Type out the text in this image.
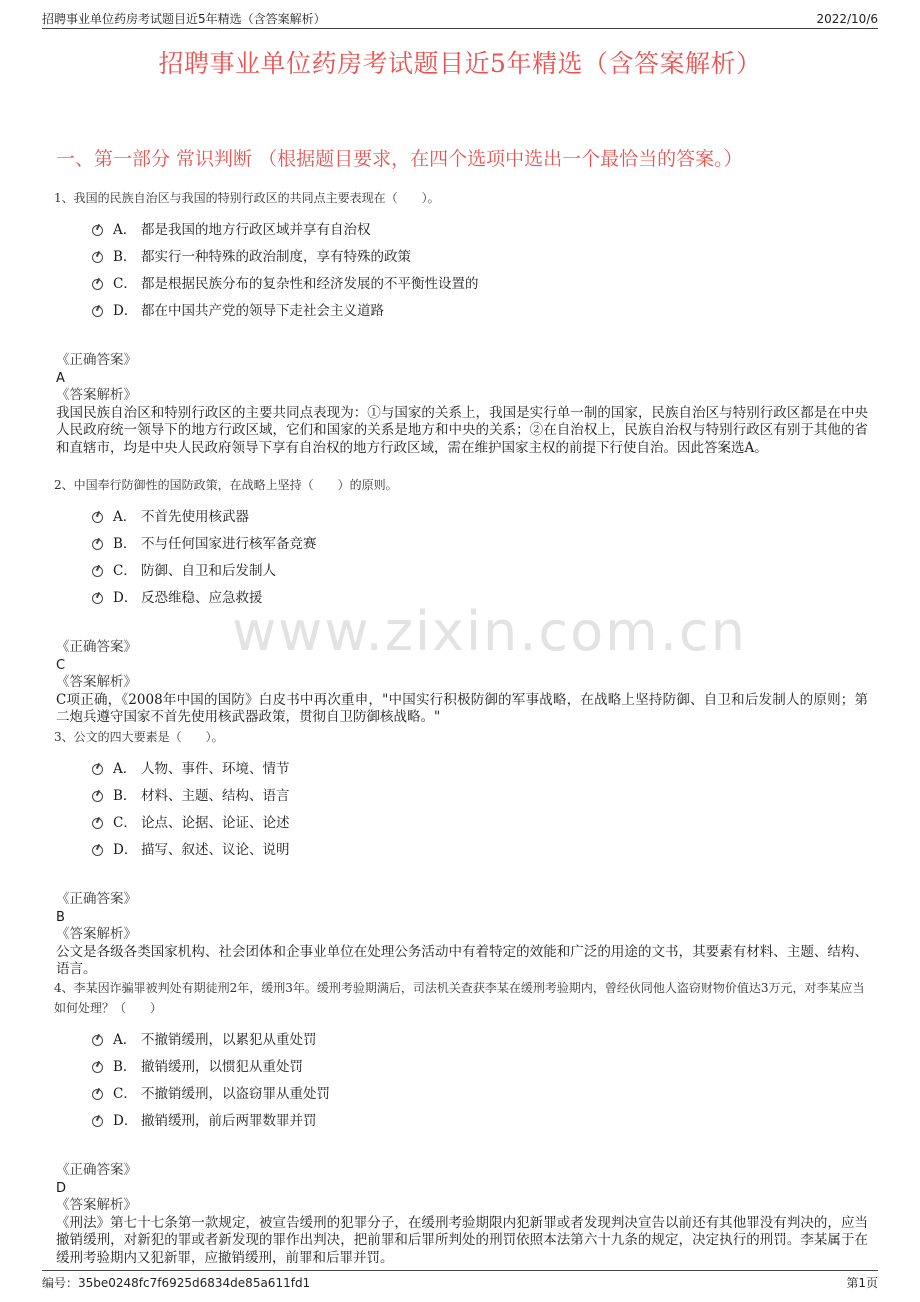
招聘事业单位药房考试题目近5年精选（含答案解析）	2022/10/6
招聘事业单位药房考试题目近5年精选（含答案解析）
一、第一部分 常识判断 （根据题目要求，在四个选项中选出一个最恰当的答案。）
www.zixin.com.cn
1、我国的民族自治区与我国的特别行政区的共同点主要表现在（　　）。
A． 都是我国的地方行政区域并享有自治权
B． 都实行一种特殊的政治制度，享有特殊的政策
C． 都是根据民族分布的复杂性和经济发展的不平衡性设置的
D． 都在中国共产党的领导下走社会主义道路
《正确答案》
A
《答案解析》
我国民族自治区和特别行政区的主要共同点表现为：①与国家的关系上，我国是实行单一制的国家，民族自治区与特别行政区都是在中央人民政府统一领导下的地方行政区域，它们和国家的关系是地方和中央的关系；②在自治权上，民族自治权与特别行政区有别于其他的省和直辖市，均是中央人民政府领导下享有自治权的地方行政区域，需在维护国家主权的前提下行使自治。因此答案选A。
2、中国奉行防御性的国防政策，在战略上坚持（　　）的原则。
A． 不首先使用核武器
B． 不与任何国家进行核军备竞赛
C． 防御、自卫和后发制人
D． 反恐维稳、应急救援
《正确答案》
C
《答案解析》
C项正确，《2008年中国的国防》白皮书中再次重申，"中国实行积极防御的军事战略，在战略上坚持防御、自卫和后发制人的原则；第二炮兵遵守国家不首先使用核武器政策，贯彻自卫防御核战略。"
3、公文的四大要素是（　　）。
A． 人物、事件、环境、情节
B． 材料、主题、结构、语言
C． 论点、论据、论证、论述
D． 描写、叙述、议论、说明
《正确答案》
B
《答案解析》
公文是各级各类国家机构、社会团体和企事业单位在处理公务活动中有着特定的效能和广泛的用途的文书，其要素有材料、主题、结构、语言。
4、李某因诈骗罪被判处有期徒刑2年，缓刑3年。缓刑考验期满后，司法机关查获李某在缓刑考验期内，曾经伙同他人盗窃财物价值达3万元，对李某应当如何处理？（　　）
A． 不撤销缓刑，以累犯从重处罚
B． 撤销缓刑，以惯犯从重处罚
C． 不撤销缓刑，以盗窃罪从重处罚
D． 撤销缓刑，前后两罪数罪并罚
《正确答案》
D
《答案解析》
《刑法》第七十七条第一款规定，被宣告缓刑的犯罪分子，在缓刑考验期限内犯新罪或者发现判决宣告以前还有其他罪没有判决的，应当撤销缓刑，对新犯的罪或者新发现的罪作出判决，把前罪和后罪所判处的刑罚依照本法第六十九条的规定，决定执行的刑罚。李某属于在缓刑考验期内又犯新罪，应撤销缓刑，前罪和后罪并罚。
编号：35be0248fc7f6925d6834de85a611fd1	第1页
